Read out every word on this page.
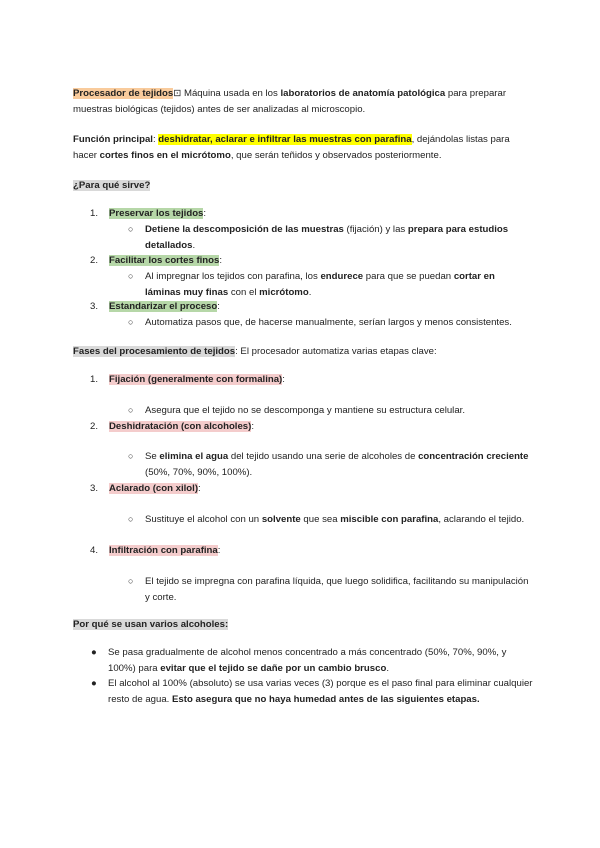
Procesador de tejidos⊡ Máquina usada en los laboratorios de anatomía patológica para preparar muestras biológicas (tejidos) antes de ser analizadas al microscopio.

Función principal: deshidratar, aclarar e infiltrar las muestras con parafina, dejándolas listas para hacer cortes finos en el micrótomo, que serán teñidos y observados posteriormente.

¿Para qué sirve?

1. Preservar los tejidos:

○ Detiene la descomposición de las muestras (fijación) y las prepara para estudios detallados.

2. Facilitar los cortes finos:

○ Al impregnar los tejidos con parafina, los endurece para que se puedan cortar en láminas muy finas con el micrótomo.

3. Estandarizar el proceso:

○ Automatiza pasos que, de hacerse manualmente, serían largos y menos consistentes.

Fases del procesamiento de tejidos: El procesador automatiza varias etapas clave:

1. Fijación (generalmente con formalina):

○ Asegura que el tejido no se descomponga y mantiene su estructura celular.

2. Deshidratación (con alcoholes):

○ Se elimina el agua del tejido usando una serie de alcoholes de concentración creciente (50%, 70%, 90%, 100%).

3. Aclarado (con xilol):

○ Sustituye el alcohol con un solvente que sea miscible con parafina, aclarando el tejido.

4. Infiltración con parafina:

○ El tejido se impregna con parafina líquida, que luego solidifica, facilitando su manipulación y corte.

Por qué se usan varios alcoholes:

● Se pasa gradualmente de alcohol menos concentrado a más concentrado (50%, 70%, 90%, y 100%) para evitar que el tejido se dañe por un cambio brusco.

● El alcohol al 100% (absoluto) se usa varias veces (3) porque es el paso final para eliminar cualquier resto de agua. Esto asegura que no haya humedad antes de las siguientes etapas.
